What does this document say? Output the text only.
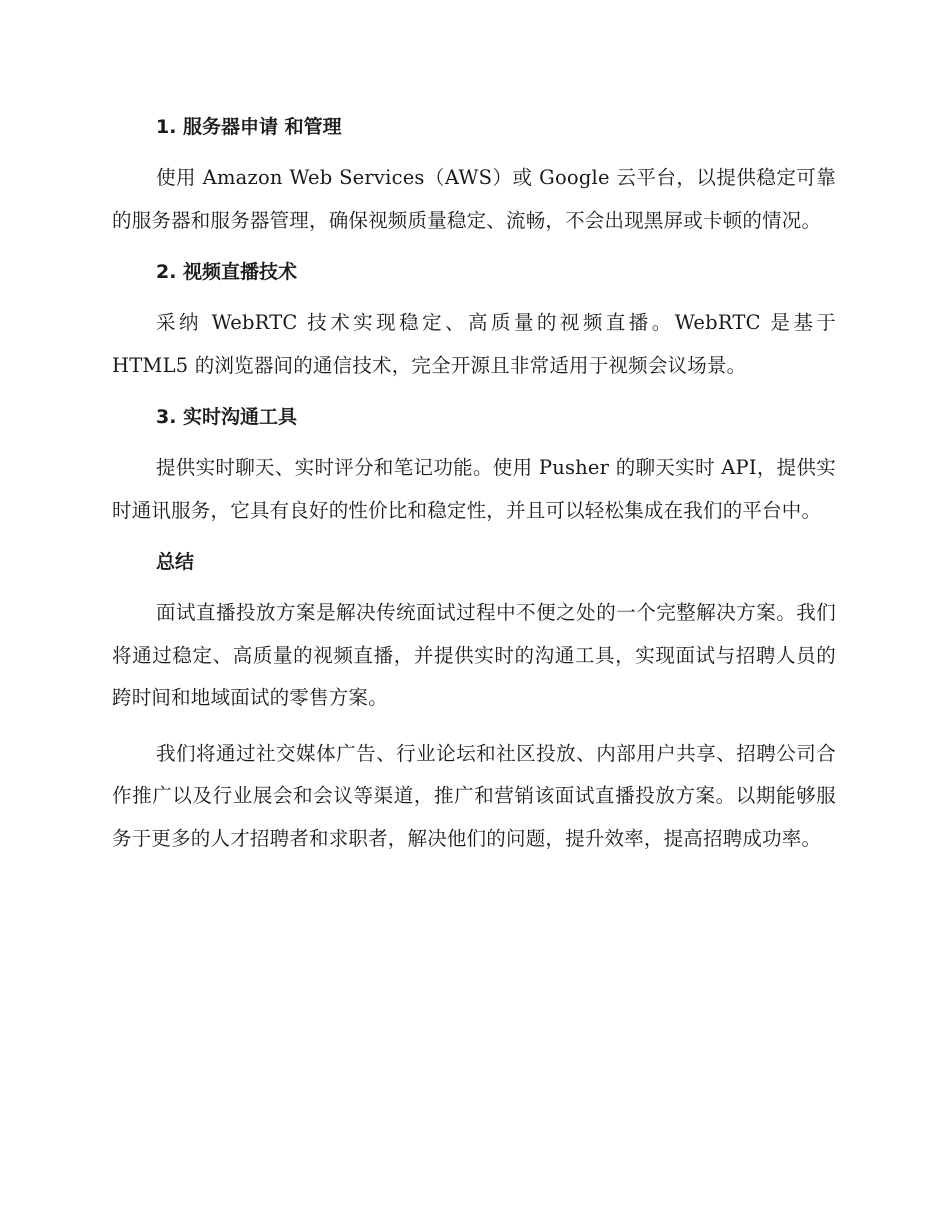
1. 服务器申请 和管理

使用 Amazon Web Services（AWS）或 Google 云平台，以提供稳定可靠的服务器和服务器管理，确保视频质量稳定、流畅，不会出现黑屏或卡顿的情况。

2. 视频直播技术

采纳 WebRTC 技术实现稳定、高质量的视频直播。WebRTC 是基于 HTML5 的浏览器间的通信技术，完全开源且非常适用于视频会议场景。

3. 实时沟通工具

提供实时聊天、实时评分和笔记功能。使用 Pusher 的聊天实时 API，提供实时通讯服务，它具有良好的性价比和稳定性，并且可以轻松集成在我们的平台中。

总结

面试直播投放方案是解决传统面试过程中不便之处的一个完整解决方案。我们将通过稳定、高质量的视频直播，并提供实时的沟通工具，实现面试与招聘人员的跨时间和地域面试的零售方案。

我们将通过社交媒体广告、行业论坛和社区投放、内部用户共享、招聘公司合作推广以及行业展会和会议等渠道，推广和营销该面试直播投放方案。以期能够服务于更多的人才招聘者和求职者，解决他们的问题，提升效率，提高招聘成功率。
